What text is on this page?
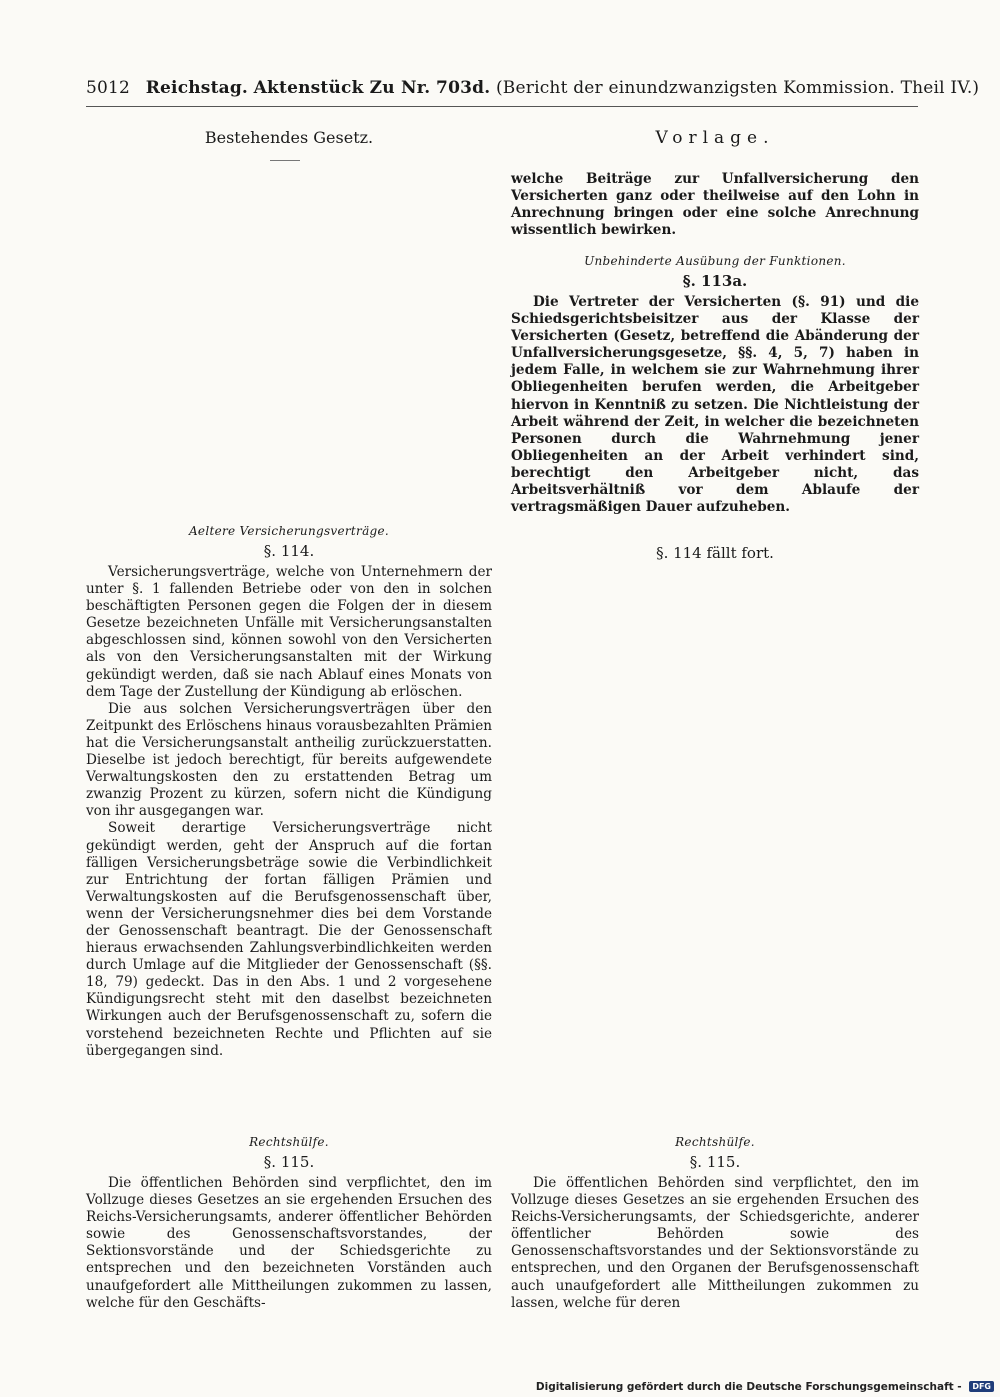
5012 Reichstag. Aktenstück Zu Nr. 703d. (Bericht der einundzwanzigsten Kommission. Theil IV.)
Bestehendes Gesetz.
Aeltere Versicherungsverträge.
§. 114.

Versicherungsverträge, welche von Unternehmern der unter §. 1 fallenden Betriebe oder von den in solchen beschäftigten Personen gegen die Folgen der in diesem Gesetze bezeichneten Unfälle mit Versicherungsanstalten abgeschlossen sind, können sowohl von den Versicherten als von den Versicherungsanstalten mit der Wirkung gekündigt werden, daß sie nach Ablauf eines Monats von dem Tage der Zustellung der Kündigung ab erlöschen.

Die aus solchen Versicherungsverträgen über den Zeitpunkt des Erlöschens hinaus vorausbezahlten Prämien hat die Versicherungsanstalt antheilig zurückzuerstatten. Dieselbe ist jedoch berechtigt, für bereits aufgewendete Verwaltungskosten den zu erstattenden Betrag um zwanzig Prozent zu kürzen, sofern nicht die Kündigung von ihr ausgegangen war.

Soweit derartige Versicherungsverträge nicht gekündigt werden, geht der Anspruch auf die fortan fälligen Versicherungsbeträge sowie die Verbindlichkeit zur Entrichtung der fortan fälligen Prämien und Verwaltungskosten auf die Berufsgenossenschaft über, wenn der Versicherungsnehmer dies bei dem Vorstande der Genossenschaft beantragt. Die der Genossenschaft hieraus erwachsenden Zahlungsverbindlichkeiten werden durch Umlage auf die Mitglieder der Genossenschaft (§§. 18, 79) gedeckt. Das in den Abs. 1 und 2 vorgesehene Kündigungsrecht steht mit den daselbst bezeichneten Wirkungen auch der Berufsgenossenschaft zu, sofern die vorstehend bezeichneten Rechte und Pflichten auf sie übergegangen sind.

Rechtshülfe.
§. 115.

Die öffentlichen Behörden sind verpflichtet, den im Vollzuge dieses Gesetzes an sie ergehenden Ersuchen des Reichs-Versicherungsamts, anderer öffentlicher Behörden sowie des Genossenschaftsvorstandes, der Sektionsvorstände und der Schiedsgerichte zu entsprechen und den bezeichneten Vorständen auch unaufgefordert alle Mittheilungen zukommen zu lassen, welche für den Geschäfts-

Vorlage.

welche Beiträge zur Unfallversicherung den Versicherten ganz oder theilweise auf den Lohn in Anrechnung bringen oder eine solche Anrechnung wissentlich bewirken.

Unbehinderte Ausübung der Funktionen.
§. 113a.

Die Vertreter der Versicherten (§. 91) und die Schiedsgerichtsbeisitzer aus der Klasse der Versicherten (Gesetz, betreffend die Abänderung der Unfallversicherungsgesetze, §§. 4, 5, 7) haben in jedem Falle, in welchem sie zur Wahrnehmung ihrer Obliegenheiten berufen werden, die Arbeitgeber hiervon in Kenntniß zu setzen. Die Nichtleistung der Arbeit während der Zeit, in welcher die bezeichneten Personen durch die Wahrnehmung jener Obliegenheiten an der Arbeit verhindert sind, berechtigt den Arbeitgeber nicht, das Arbeitsverhältniß vor dem Ablaufe der vertragsmäßigen Dauer aufzuheben.

§. 114 fällt fort.
Rechtshülfe.
§. 115.

Die öffentlichen Behörden sind verpflichtet, den im Vollzuge dieses Gesetzes an sie ergehenden Ersuchen des Reichs-Versicherungsamts, der Schiedsgerichte, anderer öffentlicher Behörden sowie des Genossenschaftsvorstandes und der Sektionsvorstände zu entsprechen, und den Organen der Berufsgenossenschaft auch unaufgefordert alle Mittheilungen zukommen zu lassen, welche für deren

Digitalisierung gefördert durch die Deutsche Forschungsgemeinschaft - DFG
